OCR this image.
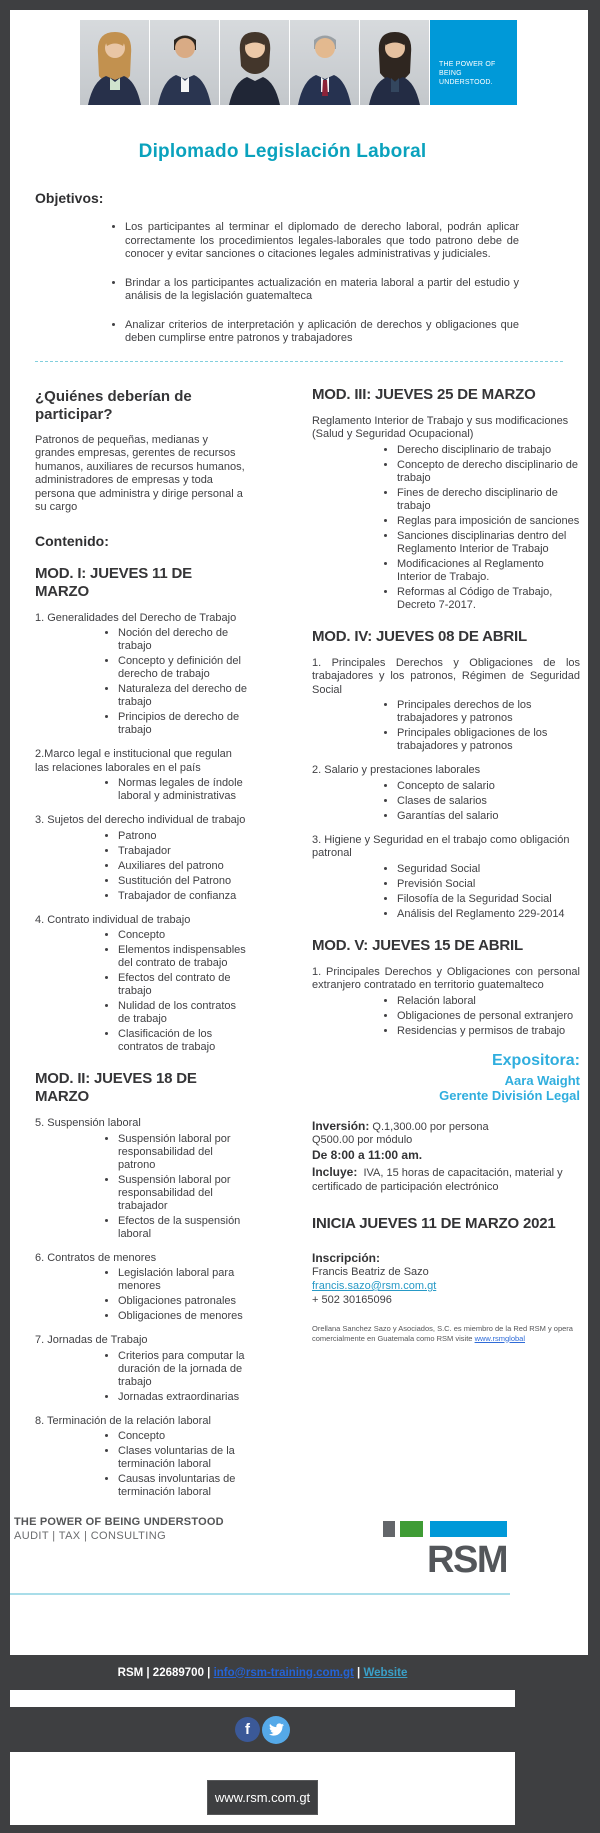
THE POWER OF
BEING UNDERSTOOD.
Diplomado Legislación Laboral
Objetivos:
• Los participantes al terminar el diplomado de derecho laboral, podrán aplicar correctamente los procedimientos legales-laborales que todo patrono debe de conocer y evitar sanciones o citaciones legales administrativas y judiciales.
• Brindar a los participantes actualización en materia laboral a partir del estudio y análisis de la legislación guatemalteca
• Analizar criterios de interpretación y aplicación de derechos y obligaciones que deben cumplirse entre patronos y trabajadores
¿Quiénes deberían de participar?

Patronos de pequeñas, medianas y grandes empresas, gerentes de recursos humanos, auxiliares de recursos humanos, administradores de empresas y toda persona que administra y dirige personal a su cargo

Contenido:
MOD. I: JUEVES 11 DE MARZO
1. Generalidades del Derecho de Trabajo
• Noción del derecho de trabajo
• Concepto y definición del derecho de trabajo
• Naturaleza del derecho de trabajo
• Principios de derecho de trabajo
2.Marco legal e institucional que regulan las relaciones laborales en el país
• Normas legales de índole laboral y administrativas
3. Sujetos del derecho individual de trabajo
• Patrono
• Trabajador
• Auxiliares del patrono
• Sustitución del Patrono
• Trabajador de confianza
4. Contrato individual de trabajo
• Concepto
• Elementos indispensables del contrato de trabajo
• Efectos del contrato de trabajo
• Nulidad de los contratos de trabajo
• Clasificación de los contratos de trabajo
MOD. II: JUEVES 18 DE MARZO
5. Suspensión laboral
• Suspensión laboral por responsabilidad del patrono
• Suspensión laboral por responsabilidad del trabajador
• Efectos de la suspensión laboral
6. Contratos de menores
• Legislación laboral para menores
• Obligaciones patronales
• Obligaciones de menores
7. Jornadas de Trabajo
• Criterios para computar la duración de la jornada de trabajo
• Jornadas extraordinarias
8. Terminación de la relación laboral
• Concepto
• Clases voluntarias de la terminación laboral
• Causas involuntarias de terminación laboral
MOD. III: JUEVES 25 DE MARZO
Reglamento Interior de Trabajo y sus modificaciones (Salud y Seguridad Ocupacional)
• Derecho disciplinario de trabajo
• Concepto de derecho disciplinario de trabajo
• Fines de derecho disciplinario de trabajo
• Reglas para imposición de sanciones
• Sanciones disciplinarias dentro del Reglamento Interior de Trabajo
• Modificaciones al Reglamento Interior de Trabajo.
• Reformas al Código de Trabajo, Decreto 7-2017.
MOD. IV: JUEVES 08 DE ABRIL
1. Principales Derechos y Obligaciones de los trabajadores y los patronos, Régimen de Seguridad Social
• Principales derechos de los trabajadores y patronos
• Principales obligaciones de los trabajadores y patronos
2. Salario y prestaciones laborales
• Concepto de salario
• Clases de salarios
• Garantías del salario
3. Higiene y Seguridad en el trabajo como obligación patronal
• Seguridad Social
• Previsión Social
• Filosofía de la Seguridad Social
• Análisis del Reglamento 229-2014
MOD. V: JUEVES 15 DE ABRIL
1. Principales Derechos y Obligaciones con personal extranjero contratado en territorio guatemalteco
• Relación laboral
• Obligaciones de personal extranjero
• Residencias y permisos de trabajo
Expositora:
Aara Waight
Gerente División Legal
Inversión: Q.1,300.00 por persona
Q500.00 por módulo
De 8:00 a 11:00 am.
Incluye: IVA, 15 horas de capacitación, material y certificado de participación electrónico
INICIA JUEVES 11 DE MARZO 2021
Inscripción:
Francis Beatriz de Sazo
francis.sazo@rsm.com.gt
+ 502 30165096

Orellana Sanchez Sazo y Asociados, S.C. es miembro de la Red RSM y opera comercialmente en Guatemala como RSM visite www.rsmglobal

THE POWER OF BEING UNDERSTOOD
AUDIT | TAX | CONSULTING
RSM
RSM | 22689700 | info@rsm-training.com.gt | Website
f
www.rsm.com.gt
